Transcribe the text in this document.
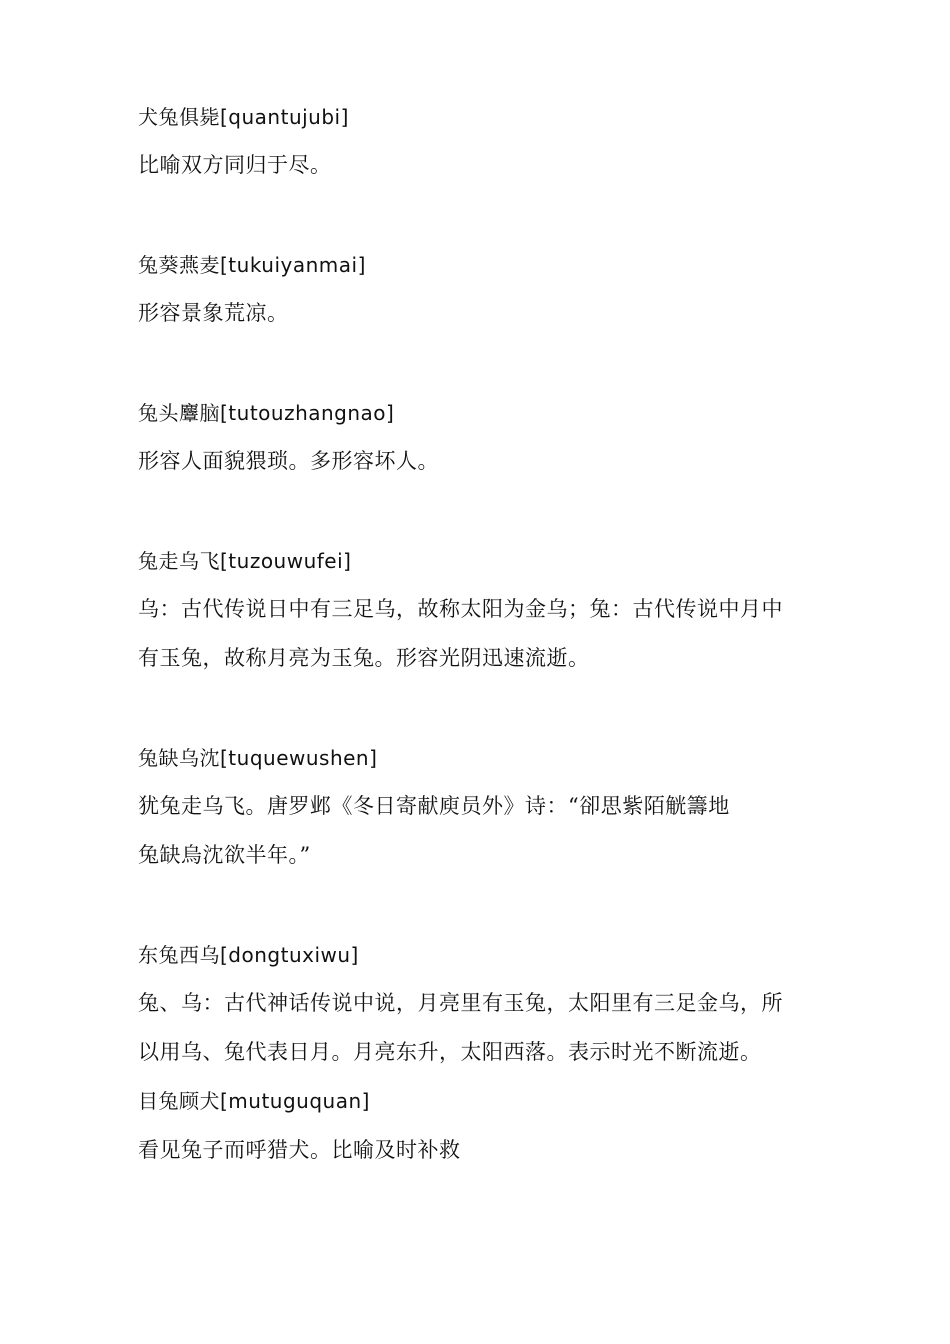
犬兔俱毙[quantujubi]
比喻双方同归于尽。
兔葵燕麦[tukuiyanmai]
形容景象荒凉。
兔头麞脑[tutouzhangnao]
形容人面貌猥琐。多形容坏人。
兔走乌飞[tuzouwufei]
乌：古代传说日中有三足乌，故称太阳为金乌；兔：古代传说中月中
有玉兔，故称月亮为玉兔。形容光阴迅速流逝。
兔缺乌沈[tuquewushen]
犹兔走乌飞。唐罗邺《冬日寄献庾员外》诗：“卻思紫陌觥籌地
兔缺烏沈欲半年。”
东兔西乌[dongtuxiwu]
兔、乌：古代神话传说中说，月亮里有玉兔，太阳里有三足金乌，所
以用乌、兔代表日月。月亮东升，太阳西落。表示时光不断流逝。
目兔顾犬[mutuguquan]
看见兔子而呼猎犬。比喻及时补救
